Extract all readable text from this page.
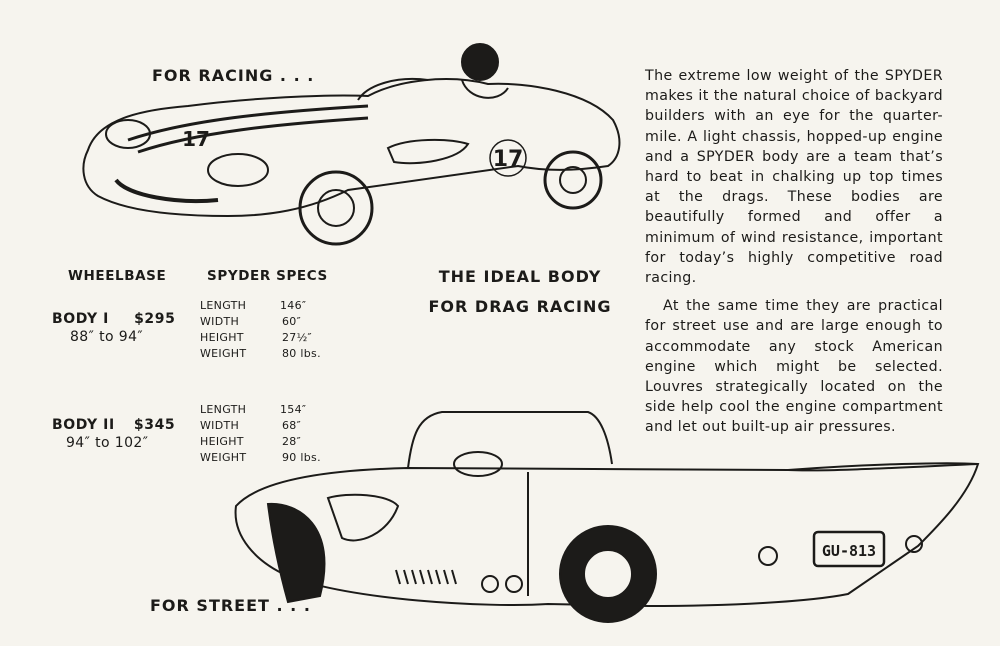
17
17
GU-813
FOR RACING . . .
FOR STREET . . .
THE IDEAL BODY
FOR DRAG RACING
WHEELBASE	SPYDER SPECS
BODY I $295
88″ to 94″
LENGTH
WIDTH
HEIGHT
WEIGHT
146″
60″
27½″
80 lbs.
BODY II $345
94″ to 102″
LENGTH
WIDTH
HEIGHT
WEIGHT
154″
68″
28″
90 lbs.

The extreme low weight of the SPYDER makes it the natural choice of backyard builders with an eye for the quarter-mile. A light chassis, hopped-up engine and a SPYDER body are a team that’s hard to beat in chalking up top times at the drags. These bodies are beautifully formed and offer a minimum of wind resistance, important for today’s highly competitive road racing.

At the same time they are practical for street use and are large enough to accommodate any stock American engine which might be selected. Louvres strategically located on the side help cool the engine compartment and let out built-up air pressures.
